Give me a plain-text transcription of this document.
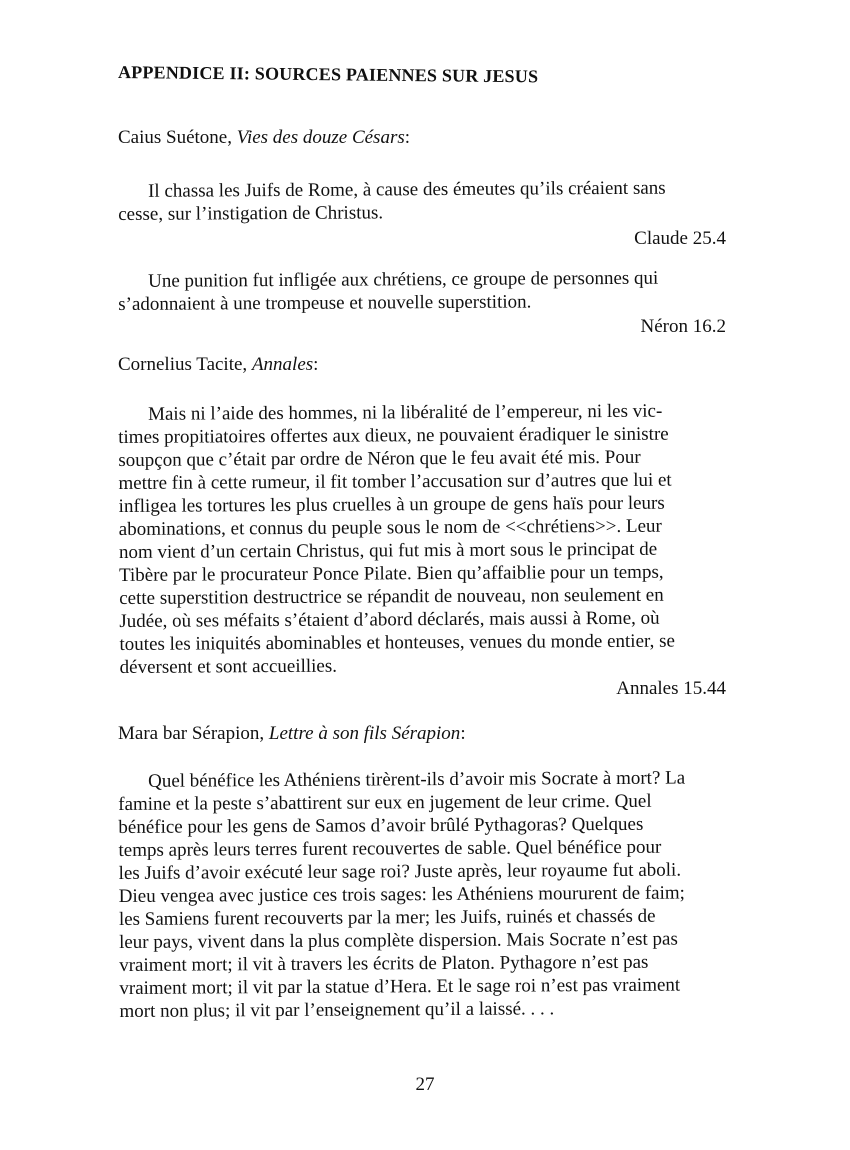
APPENDICE II: SOURCES PAIENNES SUR JESUS
Caius Suétone, Vies des douze Césars:
Il chassa les Juifs de Rome, à cause des émeutes qu’ils créaient sans
cesse, sur l’instigation de Christus.
Claude 25.4
Une punition fut infligée aux chrétiens, ce groupe de personnes qui
s’adonnaient à une trompeuse et nouvelle superstition.
Néron 16.2
Cornelius Tacite, Annales:
Mais ni l’aide des hommes, ni la libéralité de l’empereur, ni les vic-
times propitiatoires offertes aux dieux, ne pouvaient éradiquer le sinistre
soupçon que c’était par ordre de Néron que le feu avait été mis. Pour
mettre fin à cette rumeur, il fit tomber l’accusation sur d’autres que lui et
infligea les tortures les plus cruelles à un groupe de gens haïs pour leurs
abominations, et connus du peuple sous le nom de <<chrétiens>>. Leur
nom vient d’un certain Christus, qui fut mis à mort sous le principat de
Tibère par le procurateur Ponce Pilate. Bien qu’affaiblie pour un temps,
cette superstition destructrice se répandit de nouveau, non seulement en
Judée, où ses méfaits s’étaient d’abord déclarés, mais aussi à Rome, où
toutes les iniquités abominables et honteuses, venues du monde entier, se
déversent et sont accueillies.
Annales 15.44
Mara bar Sérapion, Lettre à son fils Sérapion:
Quel bénéfice les Athéniens tirèrent-ils d’avoir mis Socrate à mort? La
famine et la peste s’abattirent sur eux en jugement de leur crime. Quel
bénéfice pour les gens de Samos d’avoir brûlé Pythagoras? Quelques
temps après leurs terres furent recouvertes de sable. Quel bénéfice pour
les Juifs d’avoir exécuté leur sage roi? Juste après, leur royaume fut aboli.
Dieu vengea avec justice ces trois sages: les Athéniens moururent de faim;
les Samiens furent recouverts par la mer; les Juifs, ruinés et chassés de
leur pays, vivent dans la plus complète dispersion. Mais Socrate n’est pas
vraiment mort; il vit à travers les écrits de Platon. Pythagore n’est pas
vraiment mort; il vit par la statue d’Hera. Et le sage roi n’est pas vraiment
mort non plus; il vit par l’enseignement qu’il a laissé. . . .
27
